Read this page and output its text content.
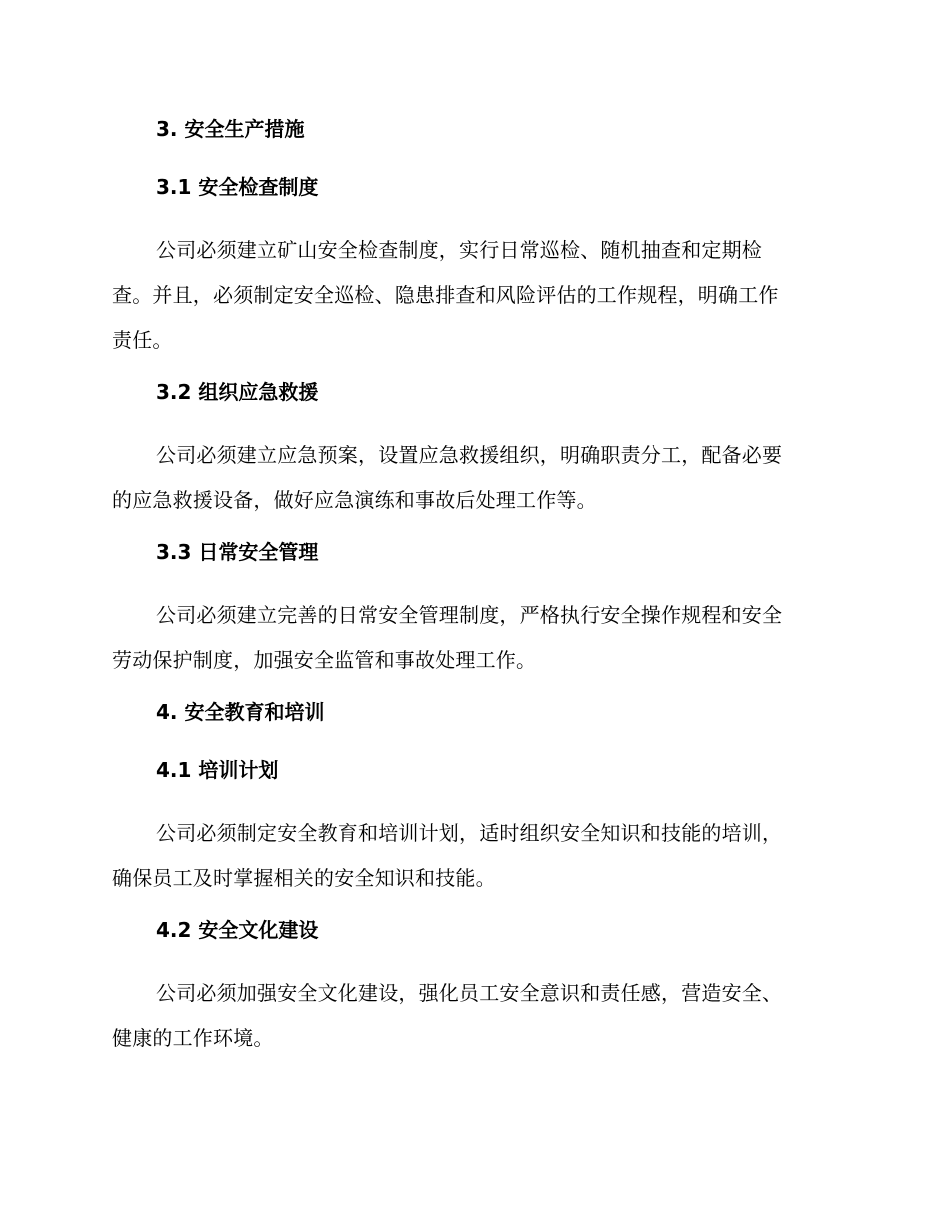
3. 安全生产措施
3.1 安全检查制度
公司必须建立矿山安全检查制度，实行日常巡检、随机抽查和定期检
查。并且，必须制定安全巡检、隐患排查和风险评估的工作规程，明确工作
责任。
3.2 组织应急救援
公司必须建立应急预案，设置应急救援组织，明确职责分工，配备必要
的应急救援设备，做好应急演练和事故后处理工作等。
3.3 日常安全管理
公司必须建立完善的日常安全管理制度，严格执行安全操作规程和安全
劳动保护制度，加强安全监管和事故处理工作。
4. 安全教育和培训
4.1 培训计划
公司必须制定安全教育和培训计划，适时组织安全知识和技能的培训，
确保员工及时掌握相关的安全知识和技能。
4.2 安全文化建设
公司必须加强安全文化建设，强化员工安全意识和责任感，营造安全、
健康的工作环境。
